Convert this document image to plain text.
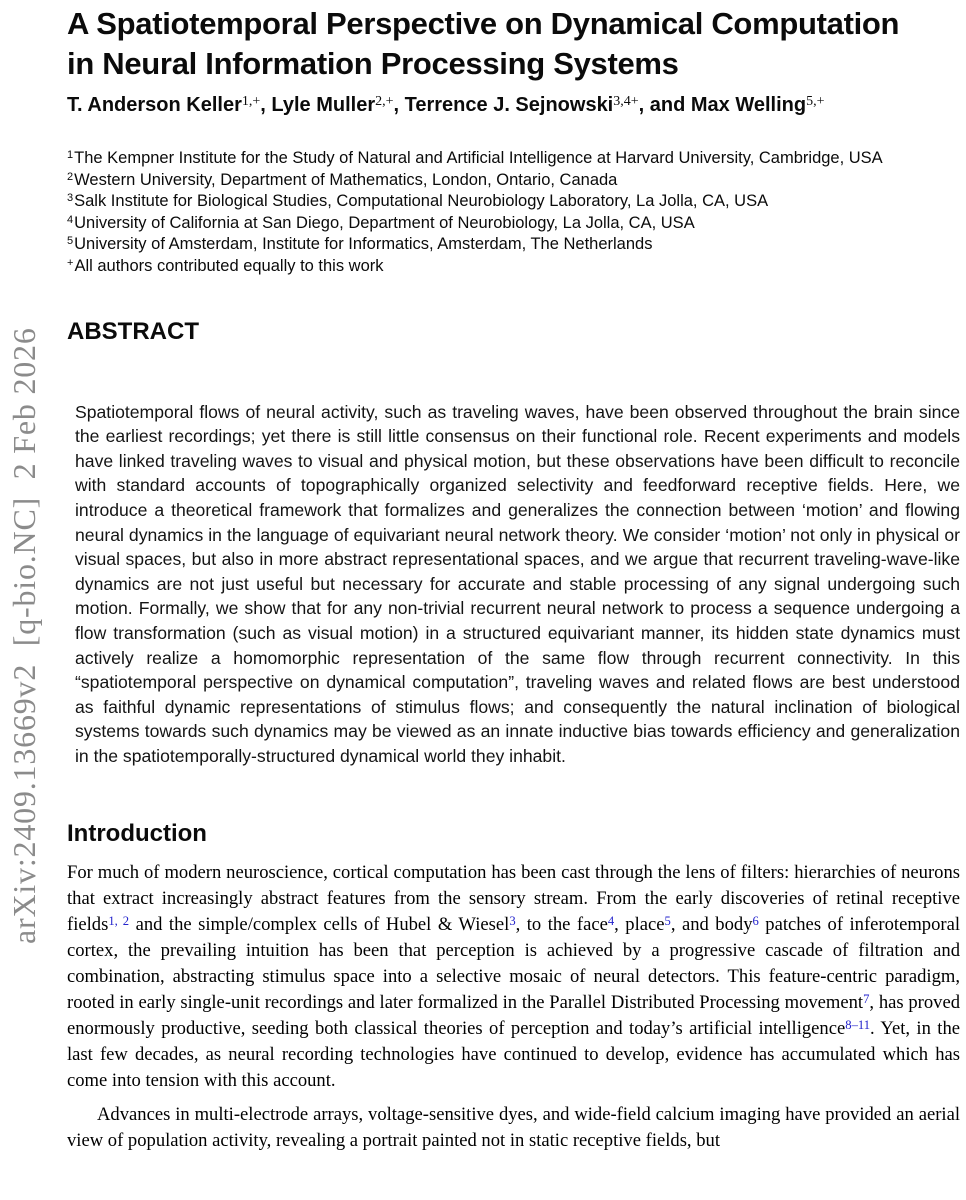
arXiv:2409.13669v2  [q-bio.NC]  2 Feb 2026
A Spatiotemporal Perspective on Dynamical Computation
in Neural Information Processing Systems
T. Anderson Keller$^{1,+}$, Lyle Muller$^{2,+}$, Terrence J. Sejnowski$^{3,4+}$, and Max Welling$^{5,+}$
$^1$The Kempner Institute for the Study of Natural and Artificial Intelligence at Harvard University, Cambridge, USA
$^2$Western University, Department of Mathematics, London, Ontario, Canada
$^3$Salk Institute for Biological Studies, Computational Neurobiology Laboratory, La Jolla, CA, USA
$^4$University of California at San Diego, Department of Neurobiology, La Jolla, CA, USA
$^5$University of Amsterdam, Institute for Informatics, Amsterdam, The Netherlands
+All authors contributed equally to this work
ABSTRACT

Spatiotemporal flows of neural activity, such as traveling waves, have been observed throughout the brain since the earliest recordings; yet there is still little consensus on their functional role. Recent experiments and models have linked traveling waves to visual and physical motion, but these observations have been difficult to reconcile with standard accounts of topographically organized selectivity and feedforward receptive fields. Here, we introduce a theoretical framework that formalizes and generalizes the connection between ‘motion’ and flowing neural dynamics in the language of equivariant neural network theory. We consider ‘motion’ not only in physical or visual spaces, but also in more abstract representational spaces, and we argue that recurrent traveling-wave-like dynamics are not just useful but necessary for accurate and stable processing of any signal undergoing such motion. Formally, we show that for any non-trivial recurrent neural network to process a sequence undergoing a flow transformation (such as visual motion) in a structured equivariant manner, its hidden state dynamics must actively realize a homomorphic representation of the same flow through recurrent connectivity. In this “spatiotemporal perspective on dynamical computation”, traveling waves and related flows are best understood as faithful dynamic representations of stimulus flows; and consequently the natural inclination of biological systems towards such dynamics may be viewed as an innate inductive bias towards efficiency and generalization in the spatiotemporally-structured dynamical world they inhabit.

Introduction

For much of modern neuroscience, cortical computation has been cast through the lens of filters: hierarchies of neurons that extract increasingly abstract features from the sensory stream. From the early discoveries of retinal receptive fields$^{1, 2}$ and the simple/complex cells of Hubel & Wiesel$^3$, to the face$^4$, place$^5$, and body$^6$ patches of inferotemporal cortex, the prevailing intuition has been that perception is achieved by a progressive cascade of filtration and combination, abstracting stimulus space into a selective mosaic of neural detectors. This feature-centric paradigm, rooted in early single-unit recordings and later formalized in the Parallel Distributed Processing movement$^7$, has proved enormously productive, seeding both classical theories of perception and today’s artificial intelligence$^{8-11}$. Yet, in the last few decades, as neural recording technologies have continued to develop, evidence has accumulated which has come into tension with this account.

Advances in multi-electrode arrays, voltage-sensitive dyes, and wide-field calcium imaging have provided an aerial view of population activity, revealing a portrait painted not in static receptive fields, but
